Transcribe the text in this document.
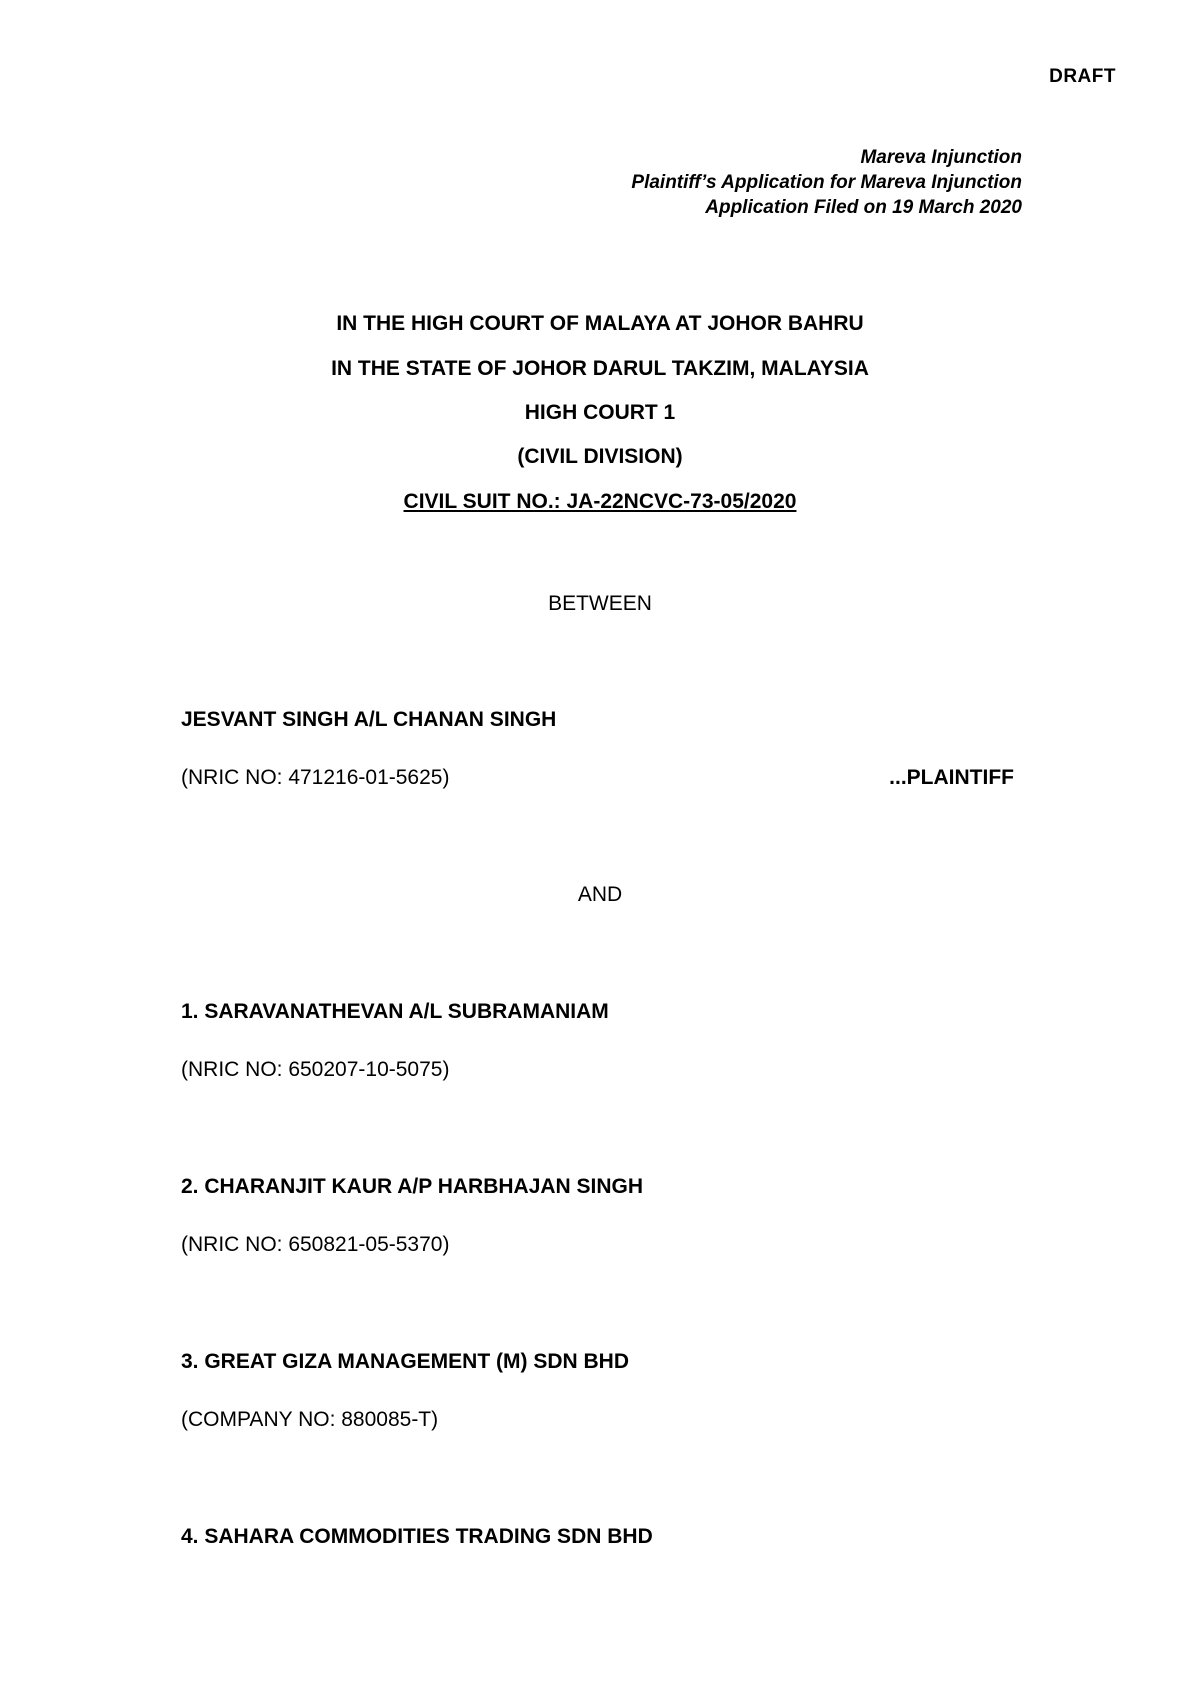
DRAFT
Mareva Injunction
Plaintiff’s Application for Mareva Injunction
Application Filed on 19 March 2020
IN THE HIGH COURT OF MALAYA AT JOHOR BAHRU
IN THE STATE OF JOHOR DARUL TAKZIM, MALAYSIA
HIGH COURT 1
(CIVIL DIVISION)
CIVIL SUIT NO.: JA-22NCVC-73-05/2020
BETWEEN
JESVANT SINGH A/L CHANAN SINGH
(NRIC NO: 471216-01-5625)	...PLAINTIFF
AND
1. SARAVANATHEVAN A/L SUBRAMANIAM
(NRIC NO: 650207-10-5075)
2. CHARANJIT KAUR A/P HARBHAJAN SINGH
(NRIC NO: 650821-05-5370)
3. GREAT GIZA MANAGEMENT (M) SDN BHD
(COMPANY NO: 880085-T)
4. SAHARA COMMODITIES TRADING SDN BHD
